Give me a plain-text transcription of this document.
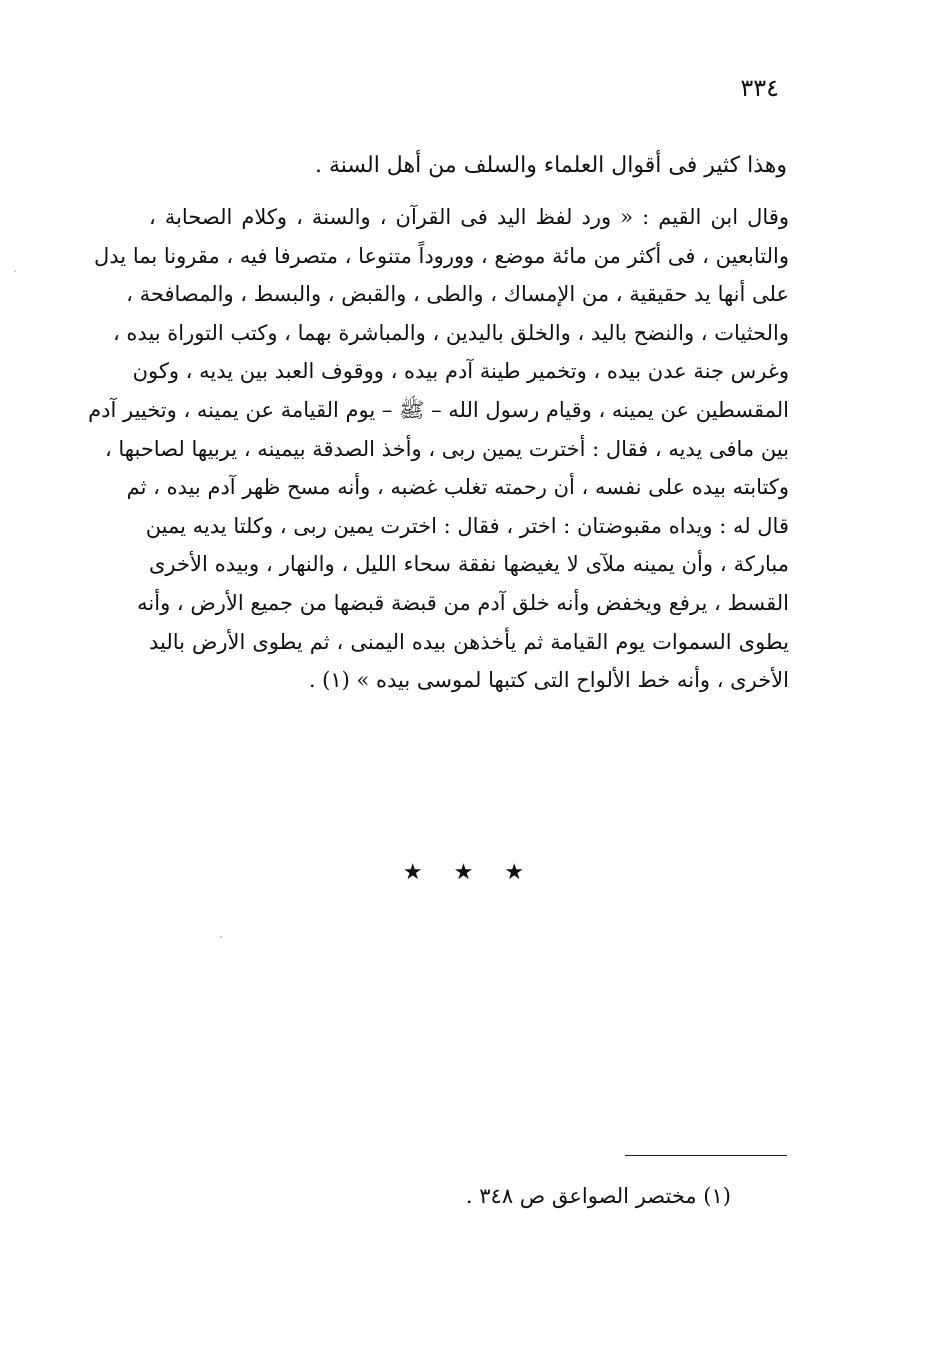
٣٣٤
وهذا كثير فى أقوال العلماء والسلف من أهل السنة .
وقال ابن القيم : « ورد لفظ اليد فى القرآن ، والسنة ، وكلام الصحابة ،
والتابعين ، فى أكثر من مائة موضع ، ووروداً متنوعا ، متصرفا فيه ، مقرونا بما يدل
على أنها يد حقيقية ، من الإمساك ، والطى ، والقبض ، والبسط ، والمصافحة ،
والحثيات ، والنضح باليد ، والخلق باليدين ، والمباشرة بهما ، وكتب التوراة بيده ،
وغرس جنة عدن بيده ، وتخمير طينة آدم بيده ، ووقوف العبد بين يديه ، وكون
المقسطين عن يمينه ، وقيام رسول الله – ﷺ – يوم القيامة عن يمينه ، وتخيير آدم
بين مافى يديه ، فقال : أخترت يمين ربى ، وأخذ الصدقة بيمينه ، يربيها لصاحبها ،
وكتابته بيده على نفسه ، أن رحمته تغلب غضبه ، وأنه مسح ظهر آدم بيده ، ثم
قال له : ويداه مقبوضتان : اختر ، فقال : اخترت يمين ربى ، وكلتا يديه يمين
مباركة ، وأن يمينه ملآى لا يغيضها نفقة سحاء الليل ، والنهار ، وبيده الأخرى
القسط ، يرفع ويخفض وأنه خلق آدم من قبضة قبضها من جميع الأرض ، وأنه
يطوى السموات يوم القيامة ثم يأخذهن بيده اليمنى ، ثم يطوى الأرض باليد
الأخرى ، وأنه خط الألواح التى كتبها لموسى بيده » (١) .
★ ★ ★
(١) مختصر الصواعق ص ٣٤٨ .
